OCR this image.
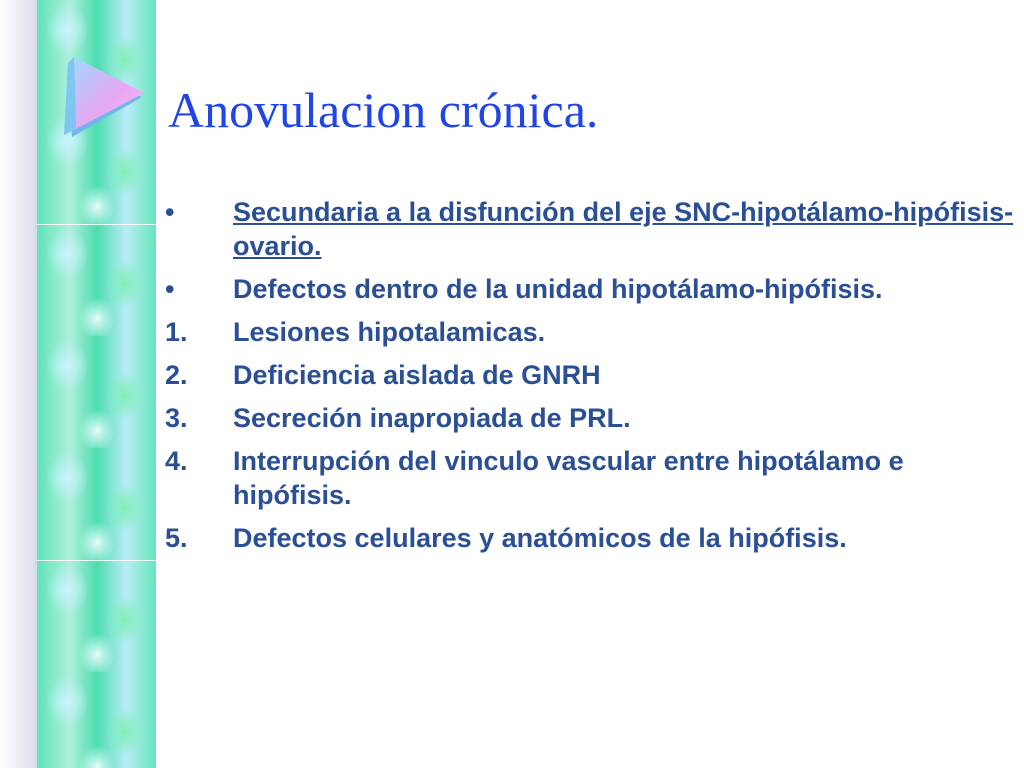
Anovulacion crónica.
•	Secundaria a la disfunción del eje SNC-hipotálamo-hipófisis-ovario.
•	Defectos dentro de la unidad hipotálamo-hipófisis.
1.	Lesiones hipotalamicas.
2.	Deficiencia aislada de GNRH
3.	Secreción inapropiada de PRL.
4.	Interrupción del vinculo vascular entre hipotálamo e hipófisis.
5.	Defectos celulares y anatómicos de la hipófisis.
